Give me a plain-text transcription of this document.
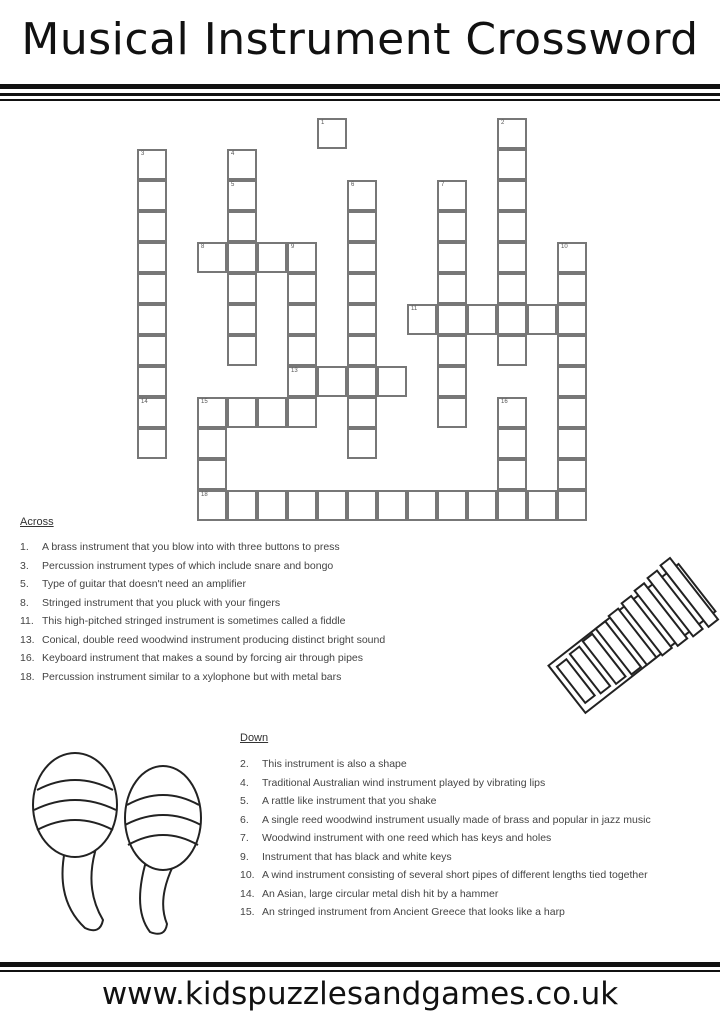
Musical Instrument Crossword
1	2
3	4
5	6	7
8	9	10
11
13
14	15	16
18
Across
1. A brass instrument that you blow into with three buttons to press
3. Percussion instrument types of which include snare and bongo
5. Type of guitar that doesn't need an amplifier
8. Stringed instrument that you pluck with your fingers
11. This high-pitched stringed instrument is sometimes called a fiddle
13. Conical, double reed woodwind instrument producing distinct bright sound
16. Keyboard instrument that makes a sound by forcing air through pipes
18. Percussion instrument similar to a xylophone but with metal bars
Down
2. This instrument is also a shape
4. Traditional Australian wind instrument played by vibrating lips
5. A rattle like instrument that you shake
6. A single reed woodwind instrument usually made of brass and popular in jazz music
7. Woodwind instrument with one reed which has keys and holes
9. Instrument that has black and white keys
10. A wind instrument consisting of several short pipes of different lengths tied together
14. An Asian, large circular metal dish hit by a hammer
15. An stringed instrument from Ancient Greece that looks like a harp
www.kidspuzzlesandgames.co.uk
